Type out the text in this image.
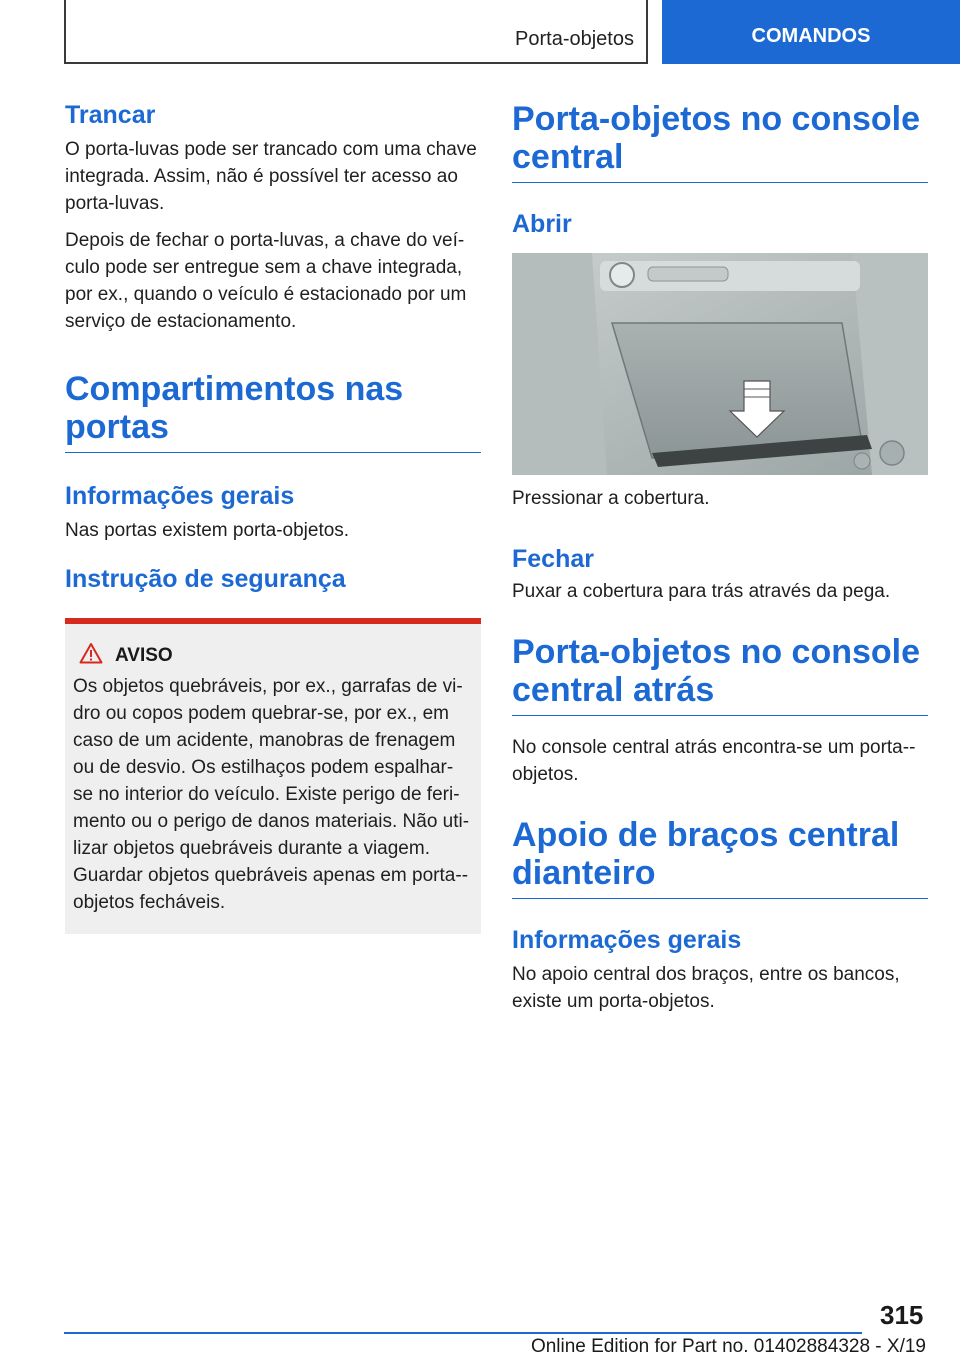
Porta-objetos	COMANDOS
Trancar

O porta-luvas pode ser trancado com uma chave integrada. Assim, não é possível ter acesso ao porta-luvas.

Depois de fechar o porta-luvas, a chave do veículo pode ser entregue sem a chave integrada, por ex., quando o veículo é estacionado por um serviço de estacionamento.

Compartimentos nas portas
Informações gerais

Nas portas existem porta-objetos.

Instrução de segurança
AVISO

Os objetos quebráveis, por ex., garrafas de vidro ou copos podem quebrar-se, por ex., em caso de um acidente, manobras de frenagem ou de desvio. Os estilhaços podem espalhar-se no interior do veículo. Existe perigo de ferimento ou o perigo de danos materiais. Não utilizar objetos quebráveis durante a viagem. Guardar objetos quebráveis apenas em porta-objetos fecháveis.

Porta-objetos no console central
Abrir

Pressionar a cobertura.

Fechar

Puxar a cobertura para trás através da pega.

Porta-objetos no console central atrás

No console central atrás encontra-se um porta-objetos.

Apoio de braços central dianteiro
Informações gerais

No apoio central dos braços, entre os bancos, existe um porta-objetos.

315
Online Edition for Part no. 01402884328 - X/19
